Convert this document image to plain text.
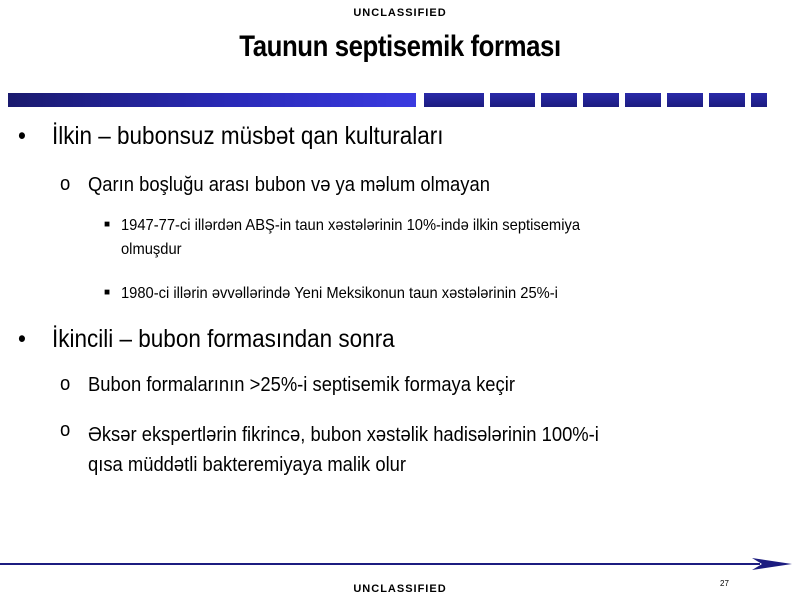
UNCLASSIFIED
Taunun septisemik forması
• İlkin – bubonsuz müsbət qan kulturaları
o Qarın boşluğu arası bubon və ya məlum olmayan
■ 1947-77-ci illərdən ABŞ-in taun xəstələrinin 10%-ində ilkin septisemiya
olmuşdur
■ 1980-ci illərin əvvəllərində Yeni Meksikonun taun xəstələrinin 25%-i
• İkincili – bubon formasından sonra
o Bubon formalarının >25%-i septisemik formaya keçir
o Əksər ekspertlərin fikrincə, bubon xəstəlik hadisələrinin 100%-i
qısa müddətli bakteremiyaya malik olur
27
UNCLASSIFIED
